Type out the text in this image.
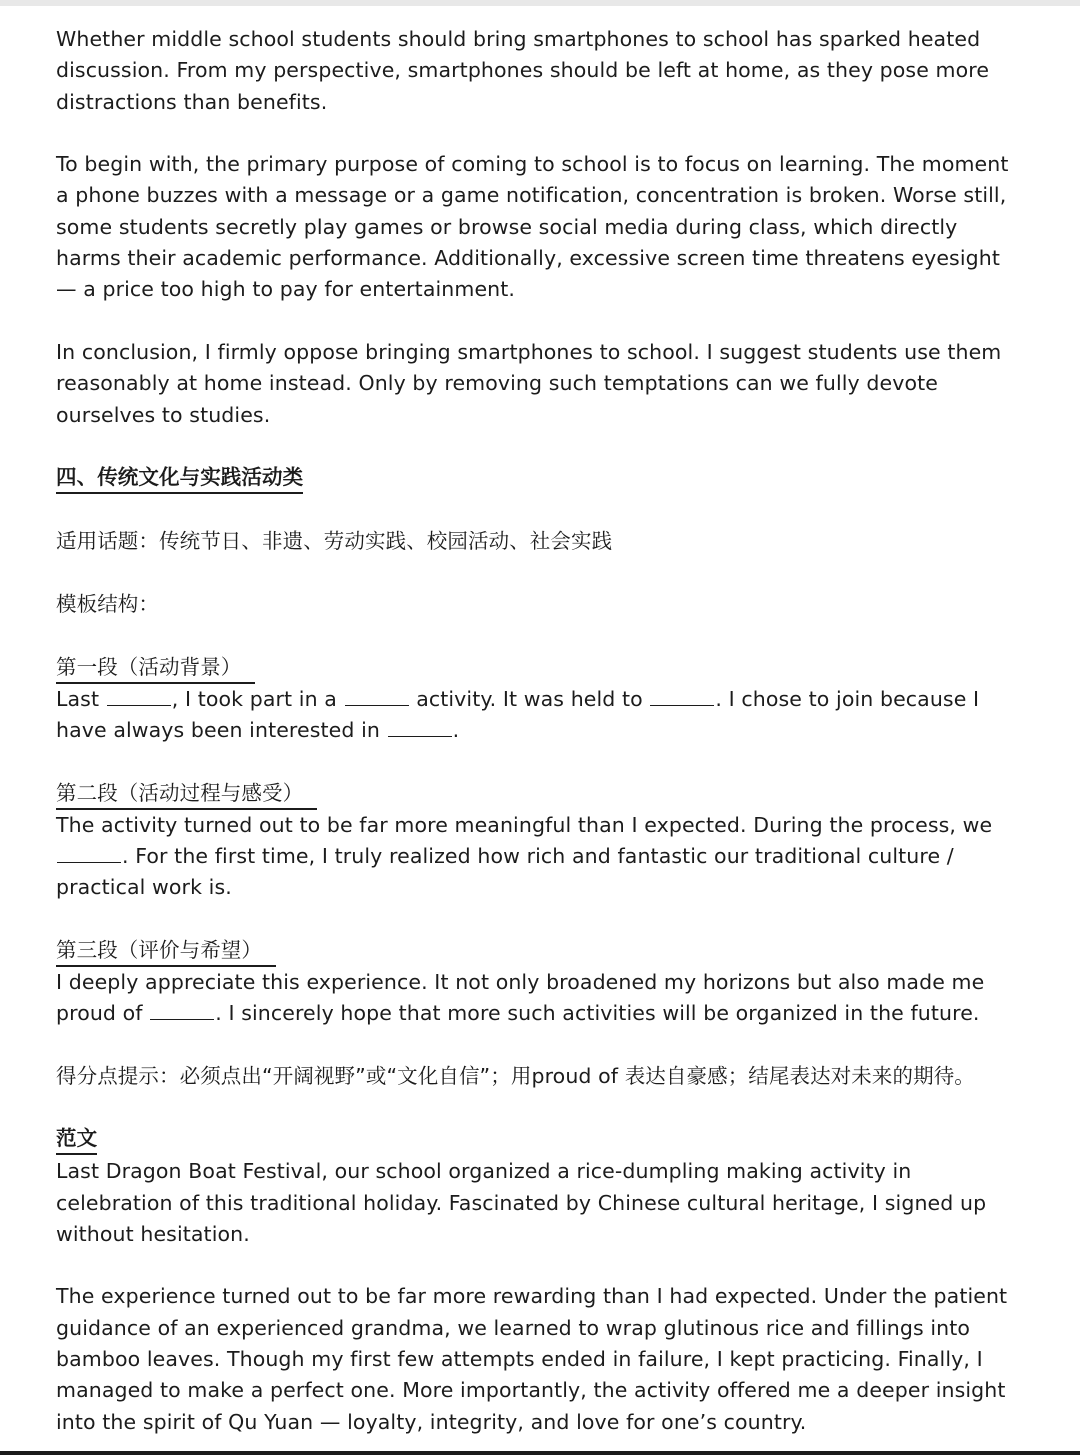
Whether middle school students should bring smartphones to school has sparked heated discussion. From my perspective, smartphones should be left at home, as they pose more distractions than benefits.

To begin with, the primary purpose of coming to school is to focus on learning. The moment a phone buzzes with a message or a game notification, concentration is broken. Worse still, some students secretly play games or browse social media during class, which directly harms their academic performance. Additionally, excessive screen time threatens eyesight — a price too high to pay for entertainment.

In conclusion, I firmly oppose bringing smartphones to school. I suggest students use them reasonably at home instead. Only by removing such temptations can we fully devote ourselves to studies.

四、传统文化与实践活动类

适用话题：传统节日、非遗、劳动实践、校园活动、社会实践

模板结构：

第一段（活动背景）

Last	, I took part in a	activity. It was held to	. I chose to join because I have always been interested in	.

第二段（活动过程与感受）

The activity turned out to be far more meaningful than I expected. During the process, we . For the first time, I truly realized how rich and fantastic our traditional culture / practical work is.

第三段（评价与希望）

I deeply appreciate this experience. It not only broadened my horizons but also made me proud of	. I sincerely hope that more such activities will be organized in the future.

得分点提示：必须点出“开阔视野”或“文化自信”；用proud of 表达自豪感；结尾表达对未来的期待。

范文

Last Dragon Boat Festival, our school organized a rice-dumpling making activity in celebration of this traditional holiday. Fascinated by Chinese cultural heritage, I signed up without hesitation.

The experience turned out to be far more rewarding than I had expected. Under the patient guidance of an experienced grandma, we learned to wrap glutinous rice and fillings into bamboo leaves. Though my first few attempts ended in failure, I kept practicing. Finally, I managed to make a perfect one. More importantly, the activity offered me a deeper insight into the spirit of Qu Yuan — loyalty, integrity, and love for one’s country.
